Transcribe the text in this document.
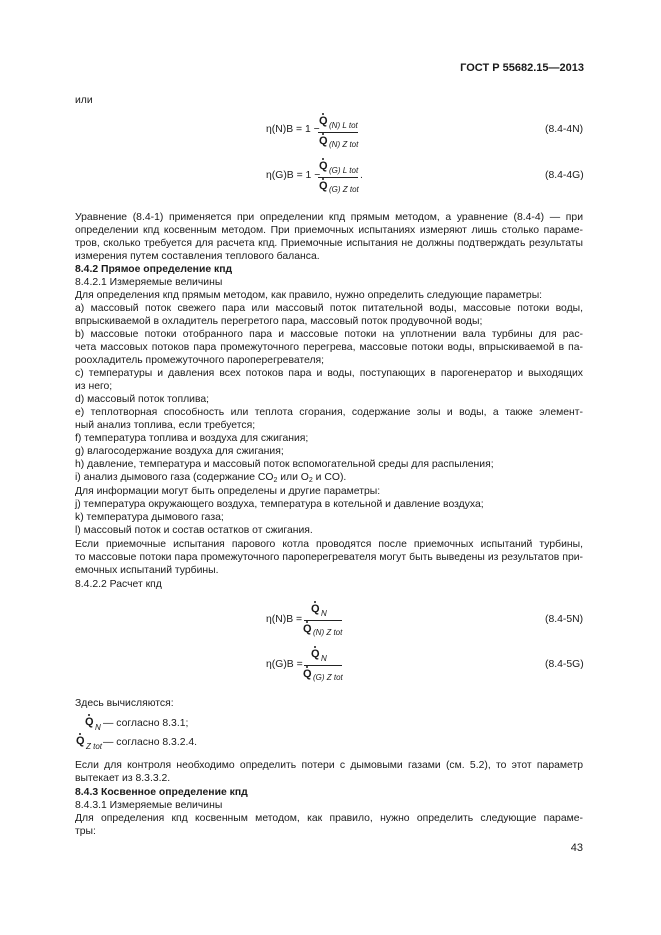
ГОСТ Р 55682.15—2013
или
η(N)B = 1 −
Q (N) L tot
Q (N) Z tot
(8.4-4N)
η(G)B = 1 −
Q (G) L tot
Q (G) Z tot
.	(8.4-4G)
Уравнение (8.4-1) применяется при определении кпд прямым методом, а уравнение (8.4-4) — при
определении кпд косвенным методом. При приемочных испытаниях измеряют лишь столько параме-
тров, сколько требуется для расчета кпд. Приемочные испытания не должны подтверждать результаты
измерения путем составления теплового баланса.
8.4.2 Прямое определение кпд
8.4.2.1 Измеряемые величины
Для определения кпд прямым методом, как правило, нужно определить следующие параметры:
а) массовый поток свежего пара или массовый поток питательной воды, массовые потоки воды,
впрыскиваемой в охладитель перегретого пара, массовый поток продувочной воды;
b) массовые потоки отобранного пара и массовые потоки на уплотнении вала турбины для рас-
чета массовых потоков пара промежуточного перегрева, массовые потоки воды, впрыскиваемой в па-
роохладитель промежуточного пароперегревателя;
с) температуры и давления всех потоков пара и воды, поступающих в парогенератор и выходящих
из него;
d) массовый поток топлива;
е) теплотворная способность или теплота сгорания, содержание золы и воды, а также элемент-
ный анализ топлива, если требуется;
f) температура топлива и воздуха для сжигания;
g) влагосодержание воздуха для сжигания;
h) давление, температура и массовый поток вспомогательной среды для распыления;
i) анализ дымового газа (содержание $CO_2$ или $O_2$ и CO).
Для информации могут быть определены и другие параметры:
j) температура окружающего воздуха, температура в котельной и давление воздуха;
k) температура дымового газа;
l) массовый поток и состав остатков от сжигания.
Если приемочные испытания парового котла проводятся после приемочных испытаний турбины,
то массовые потоки пара промежуточного пароперегревателя могут быть выведены из результатов при-
емочных испытаний турбины.
8.4.2.2 Расчет кпд
η(N)B =
Q N
Q (N) Z tot
(8.4-5N)
η(G)B =
Q N
Q (G) Z tot
(8.4-5G)
Здесь вычисляются:
Q N — согласно 8.3.1;
Q Z tot — согласно 8.3.2.4.
Если для контроля необходимо определить потери с дымовыми газами (см. 5.2), то этот параметр
вытекает из 8.3.3.2.
8.4.3 Косвенное определение кпд
8.4.3.1 Измеряемые величины
Для определения кпд косвенным методом, как правило, нужно определить следующие параме-
тры:
43
